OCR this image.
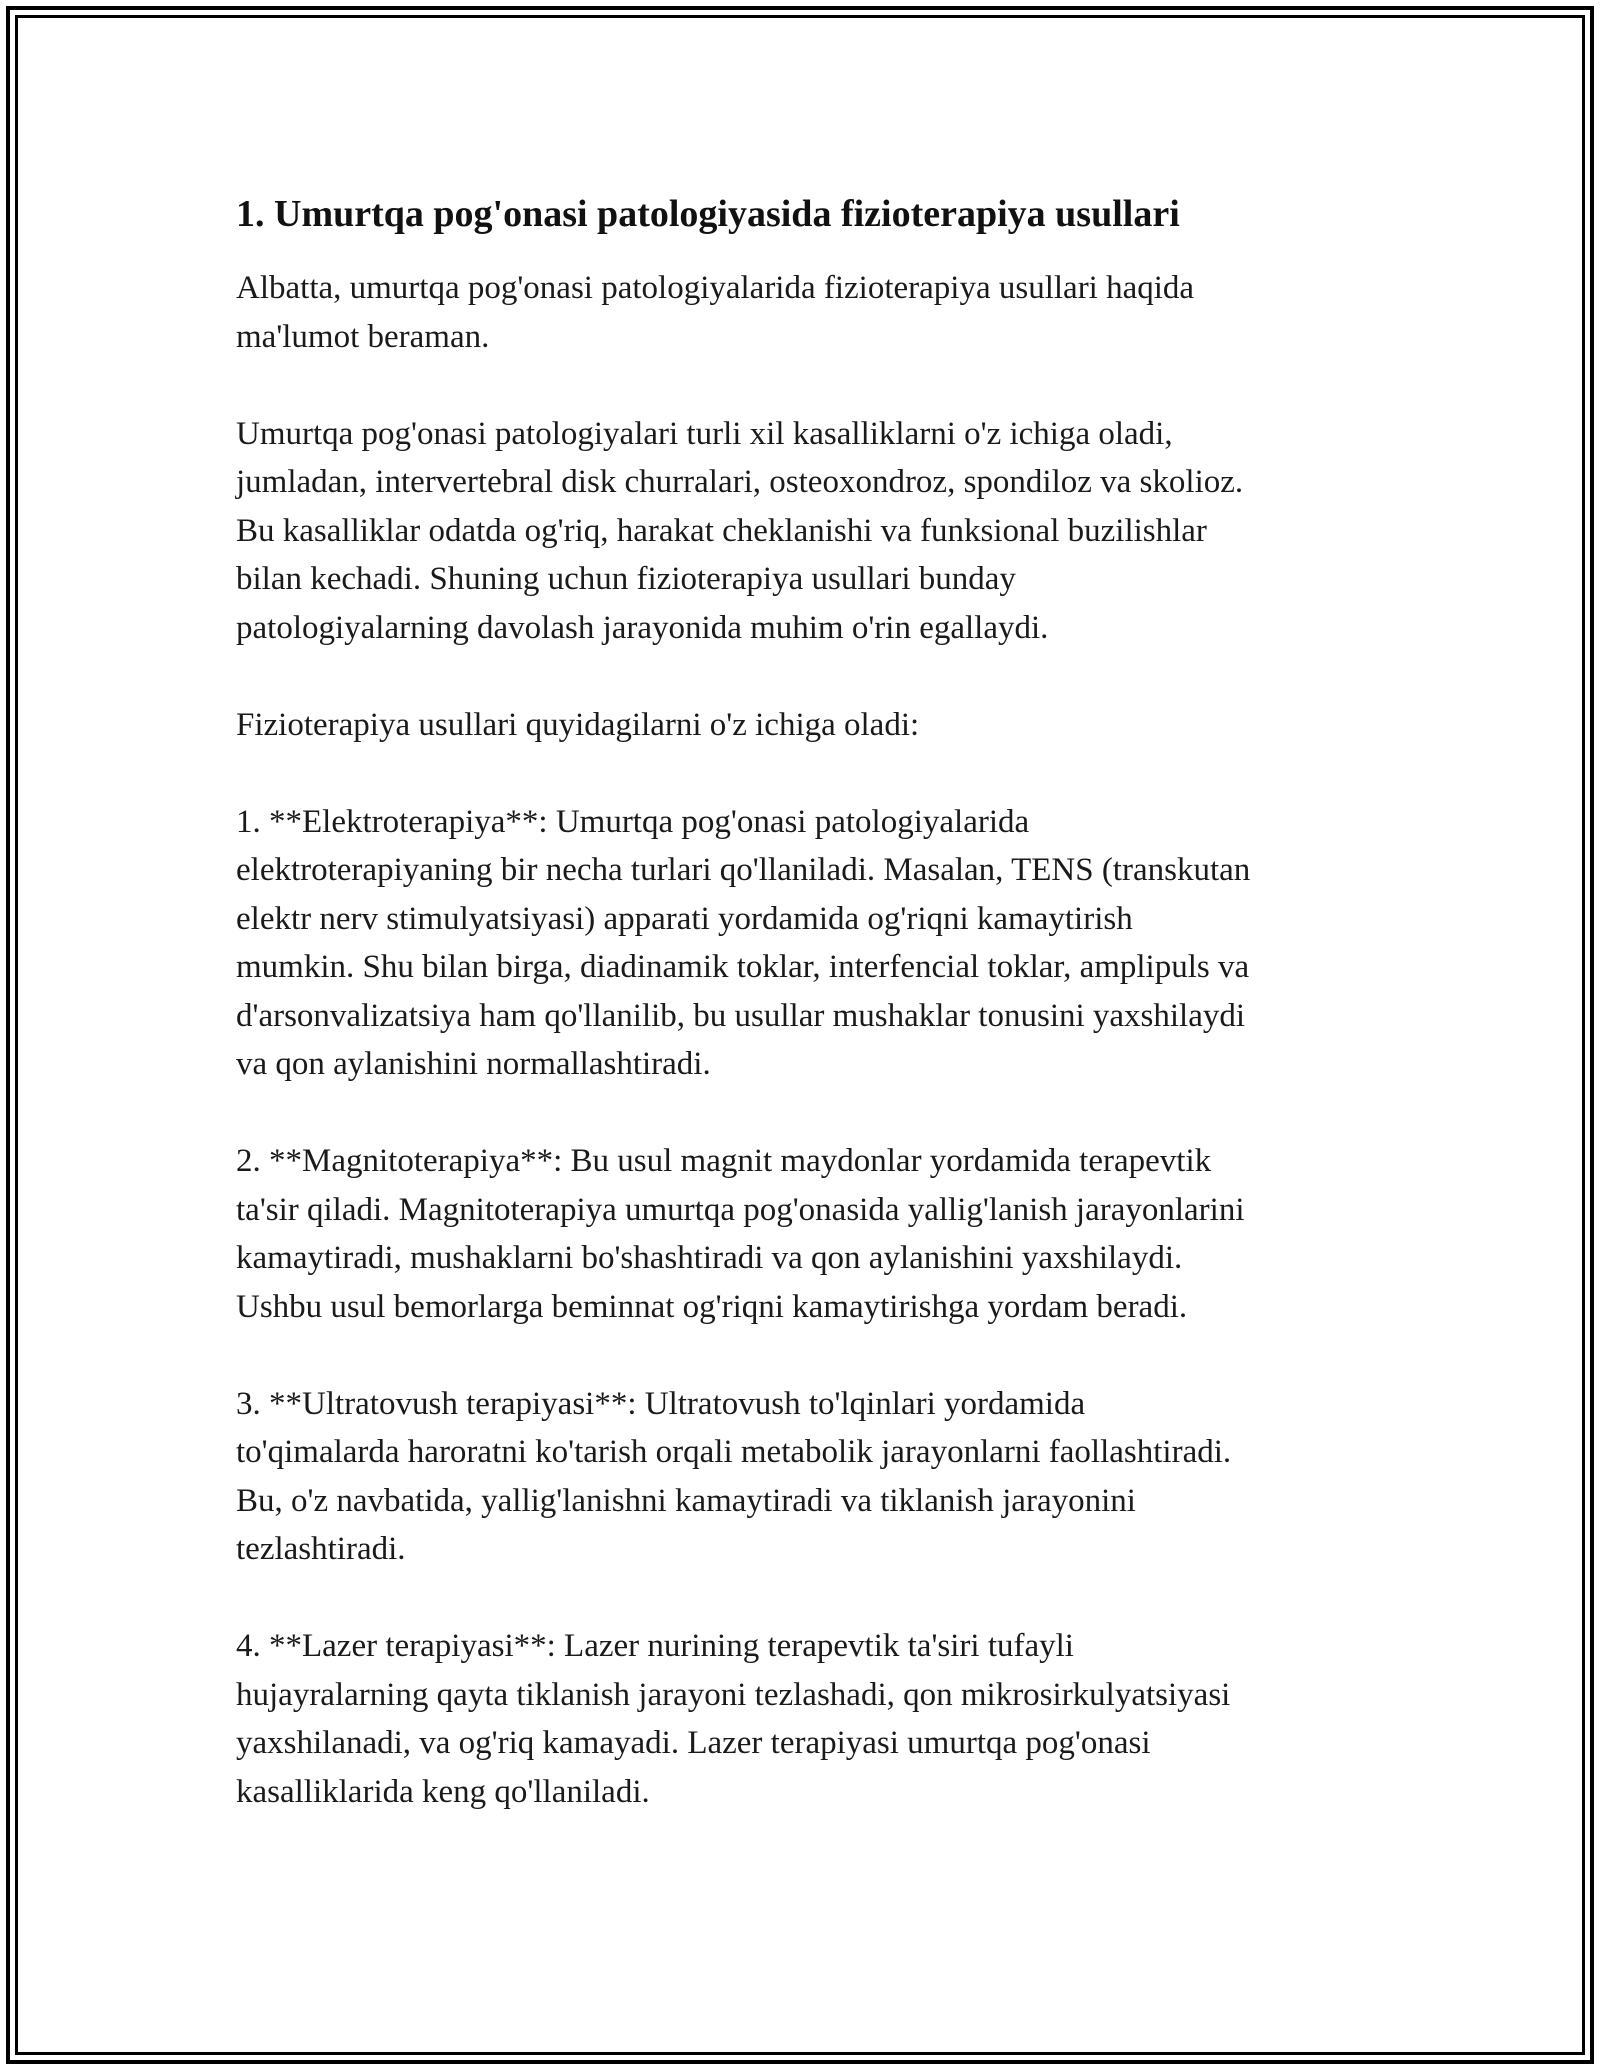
1. Umurtqa pog'onasi patologiyasida fizioterapiya usullari

Albatta, umurtqa pog'onasi patologiyalarida fizioterapiya usullari haqida
ma'lumot beraman.

Umurtqa pog'onasi patologiyalari turli xil kasalliklarni o'z ichiga oladi,
jumladan, intervertebral disk churralari, osteoxondroz, spondiloz va skolioz.
Bu kasalliklar odatda og'riq, harakat cheklanishi va funksional buzilishlar
bilan kechadi. Shuning uchun fizioterapiya usullari bunday
patologiyalarning davolash jarayonida muhim o'rin egallaydi.

Fizioterapiya usullari quyidagilarni o'z ichiga oladi:

1. **Elektroterapiya**: Umurtqa pog'onasi patologiyalarida
elektroterapiyaning bir necha turlari qo'llaniladi. Masalan, TENS (transkutan
elektr nerv stimulyatsiyasi) apparati yordamida og'riqni kamaytirish
mumkin. Shu bilan birga, diadinamik toklar, interfencial toklar, amplipuls va
d'arsonvalizatsiya ham qo'llanilib, bu usullar mushaklar tonusini yaxshilaydi
va qon aylanishini normallashtiradi.

2. **Magnitoterapiya**: Bu usul magnit maydonlar yordamida terapevtik
ta'sir qiladi. Magnitoterapiya umurtqa pog'onasida yallig'lanish jarayonlarini
kamaytiradi, mushaklarni bo'shashtiradi va qon aylanishini yaxshilaydi.
Ushbu usul bemorlarga beminnat og'riqni kamaytirishga yordam beradi.

3. **Ultratovush terapiyasi**: Ultratovush to'lqinlari yordamida
to'qimalarda haroratni ko'tarish orqali metabolik jarayonlarni faollashtiradi.
Bu, o'z navbatida, yallig'lanishni kamaytiradi va tiklanish jarayonini
tezlashtiradi.

4. **Lazer terapiyasi**: Lazer nurining terapevtik ta'siri tufayli
hujayralarning qayta tiklanish jarayoni tezlashadi, qon mikrosirkulyatsiyasi
yaxshilanadi, va og'riq kamayadi. Lazer terapiyasi umurtqa pog'onasi
kasalliklarida keng qo'llaniladi.
